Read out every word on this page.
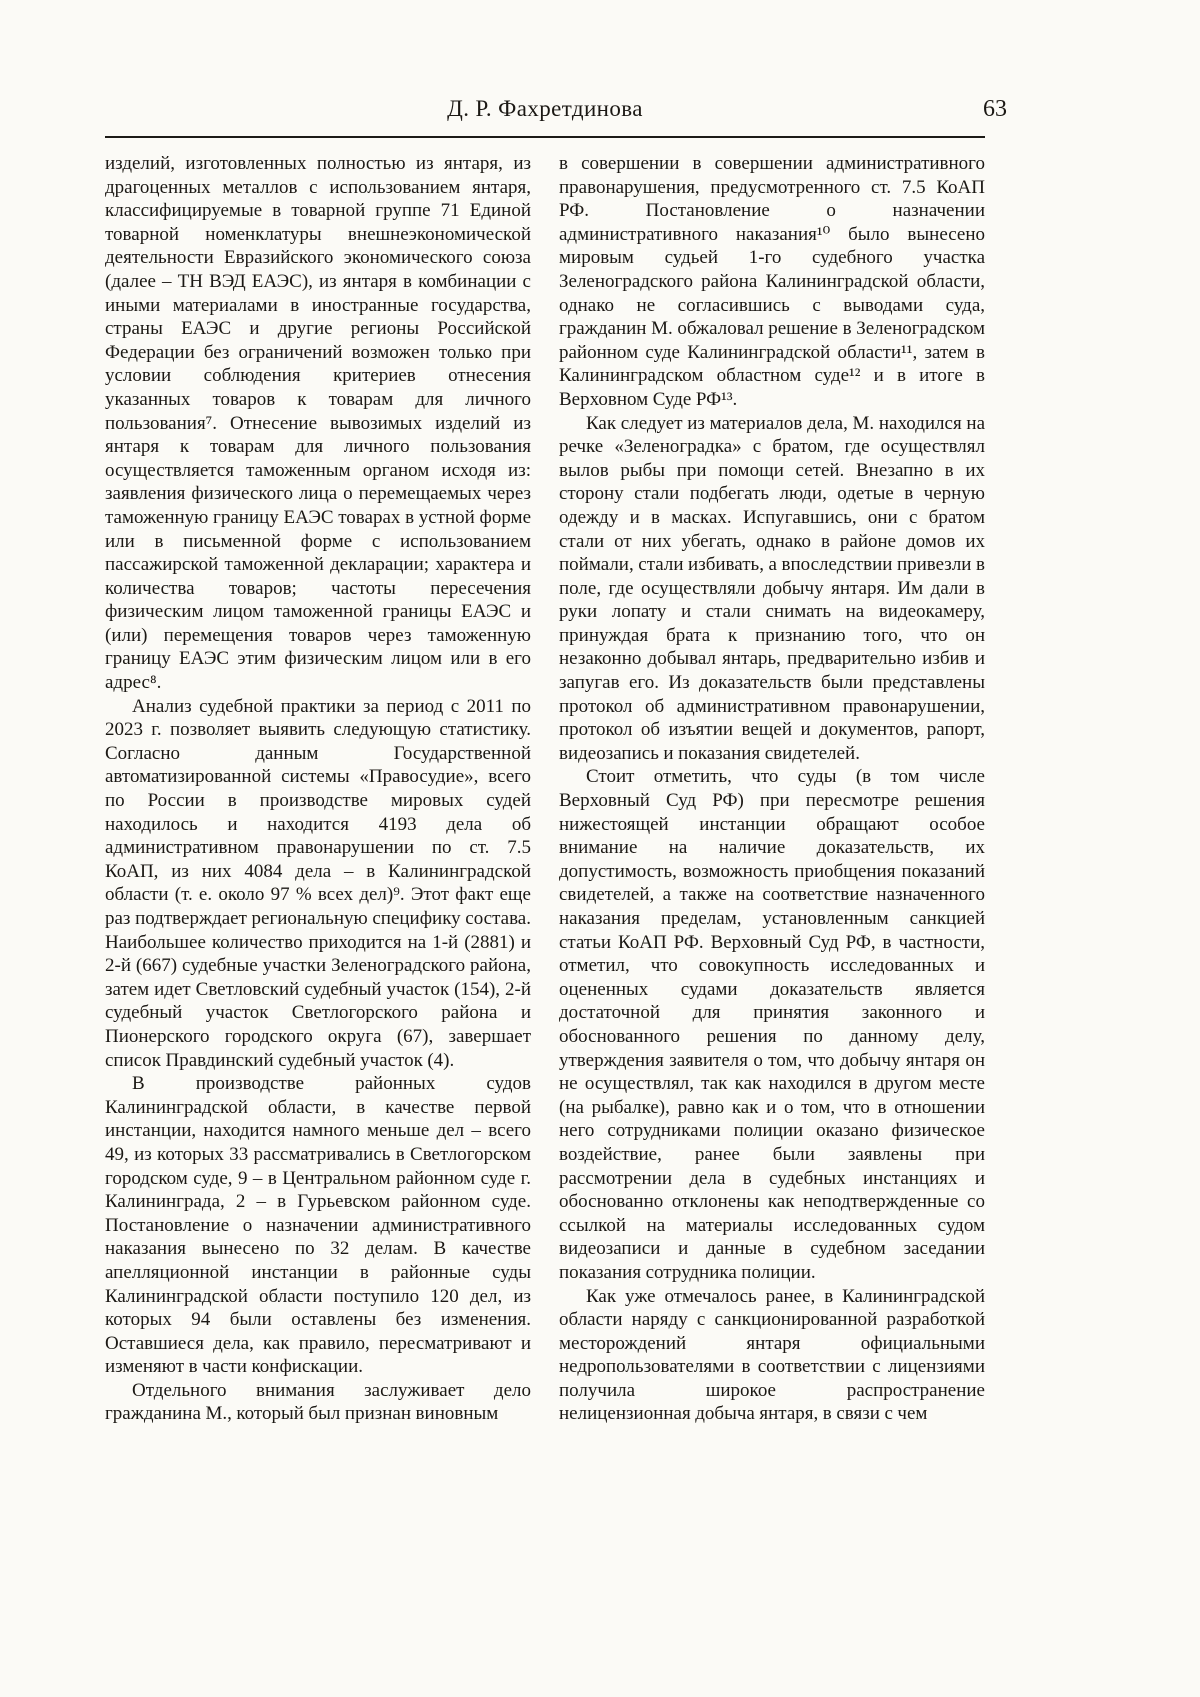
Д. Р. Фахретдинова	63

изделий, изготовленных полностью из янтаря, из драгоценных металлов с использованием янтаря, классифицируемые в товарной группе 71 Единой товарной номенклатуры внешнеэкономической деятельности Евразийского экономического союза (далее – ТН ВЭД ЕАЭС), из янтаря в комбинации с иными материалами в иностранные государства, страны ЕАЭС и другие регионы Российской Федерации без ограничений возможен только при условии соблюдения критериев отнесения указанных товаров к товарам для личного пользования⁷. Отнесение вывозимых изделий из янтаря к товарам для личного пользования осуществляется таможенным органом исходя из: заявления физического лица о перемещаемых через таможенную границу ЕАЭС товарах в устной форме или в письменной форме с использованием пассажирской таможенной декларации; характера и количества товаров; частоты пересечения физическим лицом таможенной границы ЕАЭС и (или) перемещения товаров через таможенную границу ЕАЭС этим физическим лицом или в его адрес⁸.

Анализ судебной практики за период с 2011 по 2023 г. позволяет выявить следующую статистику. Согласно данным Государственной автоматизированной системы «Правосудие», всего по России в производстве мировых судей находилось и находится 4193 дела об административном правонарушении по ст. 7.5 КоАП, из них 4084 дела – в Калининградской области (т. е. около 97 % всех дел)⁹. Этот факт еще раз подтверждает региональную специфику состава. Наибольшее количество приходится на 1-й (2881) и 2-й (667) судебные участки Зеленоградского района, затем идет Светловский судебный участок (154), 2-й судебный участок Светлогорского района и Пионерского городского округа (67), завершает список Правдинский судебный участок (4).

В производстве районных судов Калининградской области, в качестве первой инстанции, находится намного меньше дел – всего 49, из которых 33 рассматривались в Светлогорском городском суде, 9 – в Центральном районном суде г. Калининграда, 2 – в Гурьевском районном суде. Постановление о назначении административного наказания вынесено по 32 делам. В качестве апелляционной инстанции в районные суды Калининградской области поступило 120 дел, из которых 94 были оставлены без изменения. Оставшиеся дела, как правило, пересматривают и изменяют в части конфискации.

Отдельного внимания заслуживает дело гражданина М., который был признан виновным

в совершении в совершении административного правонарушения, предусмотренного ст. 7.5 КоАП РФ. Постановление о назначении административного наказания¹⁰ было вынесено мировым судьей 1-го судебного участка Зеленоградского района Калининградской области, однако не согласившись с выводами суда, гражданин М. обжаловал решение в Зеленоградском районном суде Калининградской области¹¹, затем в Калининградском областном суде¹² и в итоге в Верховном Суде РФ¹³.

Как следует из материалов дела, М. находился на речке «Зеленоградка» с братом, где осуществлял вылов рыбы при помощи сетей. Внезапно в их сторону стали подбегать люди, одетые в черную одежду и в масках. Испугавшись, они с братом стали от них убегать, однако в районе домов их поймали, стали избивать, а впоследствии привезли в поле, где осуществляли добычу янтаря. Им дали в руки лопату и стали снимать на видеокамеру, принуждая брата к признанию того, что он незаконно добывал янтарь, предварительно избив и запугав его. Из доказательств были представлены протокол об административном правонарушении, протокол об изъятии вещей и документов, рапорт, видеозапись и показания свидетелей.

Стоит отметить, что суды (в том числе Верховный Суд РФ) при пересмотре решения нижестоящей инстанции обращают особое внимание на наличие доказательств, их допустимость, возможность приобщения показаний свидетелей, а также на соответствие назначенного наказания пределам, установленным санкцией статьи КоАП РФ. Верховный Суд РФ, в частности, отметил, что совокупность исследованных и оцененных судами доказательств является достаточной для принятия законного и обоснованного решения по данному делу, утверждения заявителя о том, что добычу янтаря он не осуществлял, так как находился в другом месте (на рыбалке), равно как и о том, что в отношении него сотрудниками полиции оказано физическое воздействие, ранее были заявлены при рассмотрении дела в судебных инстанциях и обоснованно отклонены как неподтвержденные со ссылкой на материалы исследованных судом видеозаписи и данные в судебном заседании показания сотрудника полиции.

Как уже отмечалось ранее, в Калининградской области наряду с санкционированной разработкой месторождений янтаря официальными недропользователями в соответствии с лицензиями получила широкое распространение нелицензионная добыча янтаря, в связи с чем
